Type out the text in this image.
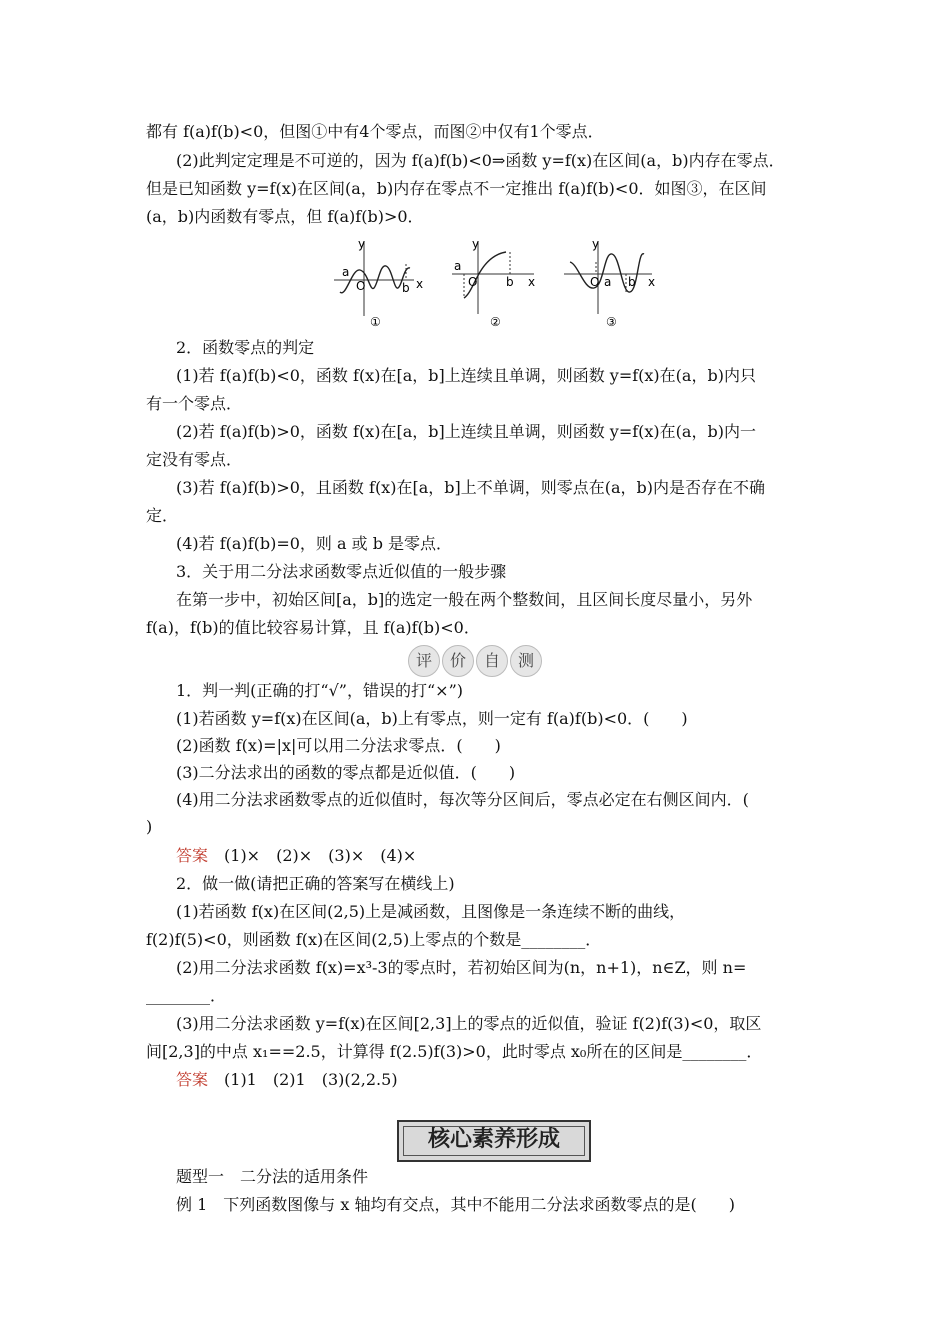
都有 f(a)f(b)<0，但图①中有4个零点，而图②中仅有1个零点．
(2)此判定定理是不可逆的，因为 f(a)f(b)<0⇒函数 y=f(x)在区间(a，b)内存在零点．
但是已知函数 y=f(x)在区间(a，b)内存在零点不一定推出 f(a)f(b)<0．如图③，在区间
(a，b)内函数有零点，但 f(a)f(b)>0．
y
x
O
a
b
①
y
x
O
a
b
②
y
x
O a b
③
2．函数零点的判定
(1)若 f(a)f(b)<0，函数 f(x)在[a，b]上连续且单调，则函数 y=f(x)在(a，b)内只
有一个零点．
(2)若 f(a)f(b)>0，函数 f(x)在[a，b]上连续且单调，则函数 y=f(x)在(a，b)内一
定没有零点．
(3)若 f(a)f(b)>0，且函数 f(x)在[a，b]上不单调，则零点在(a，b)内是否存在不确
定．
(4)若 f(a)f(b)=0，则 a 或 b 是零点．
3．关于用二分法求函数零点近似值的一般步骤
在第一步中，初始区间[a，b]的选定一般在两个整数间，且区间长度尽量小，另外
f(a)，f(b)的值比较容易计算，且 f(a)f(b)<0．
评	价	自	测
1．判一判(正确的打“√”，错误的打“×”)
(1)若函数 y=f(x)在区间(a，b)上有零点，则一定有 f(a)f(b)<0．(　　)
(2)函数 f(x)=|x|可以用二分法求零点．(　　)
(3)二分法求出的函数的零点都是近似值．(　　)
(4)用二分法求函数零点的近似值时，每次等分区间后，零点必定在右侧区间内．(
)
答案　(1)×　(2)×　(3)×　(4)×
2．做一做(请把正确的答案写在横线上)
(1)若函数 f(x)在区间(2,5)上是减函数，且图像是一条连续不断的曲线，
f(2)f(5)<0，则函数 f(x)在区间(2,5)上零点的个数是________．
(2)用二分法求函数 f(x)=x³-3的零点时，若初始区间为(n，n+1)，n∈Z，则 n=
________．
(3)用二分法求函数 y=f(x)在区间[2,3]上的零点的近似值，验证 f(2)f(3)<0，取区
间[2,3]的中点 x₁==2.5，计算得 f(2.5)f(3)>0，此时零点 x₀所在的区间是________．
答案　(1)1　(2)1　(3)(2,2.5)
核心素养形成
题型一　二分法的适用条件
例 1　下列函数图像与 x 轴均有交点，其中不能用二分法求函数零点的是(　　)
